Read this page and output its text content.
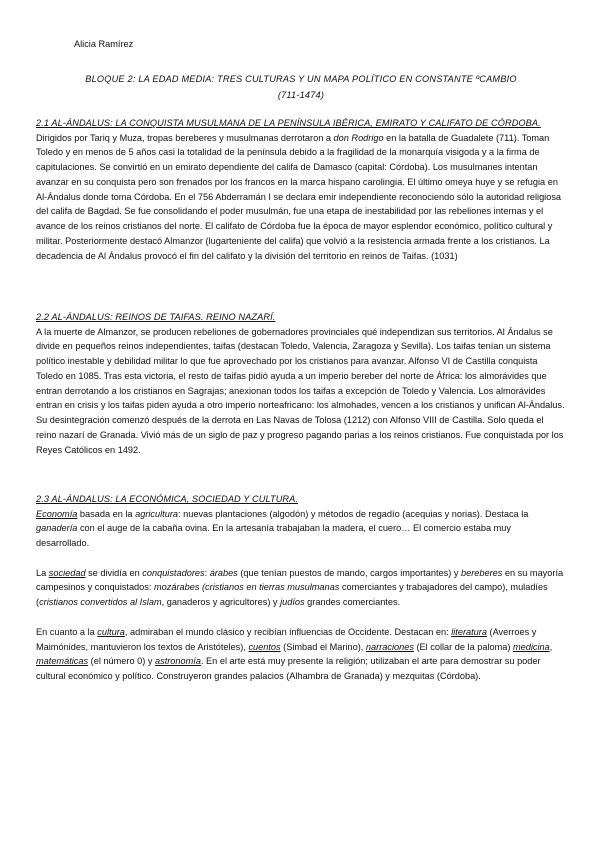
Alicia Ramírez
BLOQUE 2: LA EDAD MEDIA: TRES CULTURAS Y UN MAPA POLÍTICO EN CONSTANTE ºCAMBIO
(711-1474)
2.1 AL-ÁNDALUS: LA CONQUISTA MUSULMANA DE LA PENÍNSULA IBÉRICA, EMIRATO Y CALIFATO DE CÓRDOBA.

Dirigidos por Tariq y Muza, tropas bereberes y musulmanas derrotaron a don Rodrigo en la batalla de Guadalete (711). Toman Toledo y en menos de 5 años casi la totalidad de la península debido a la fragilidad de la monarquía visigoda y a la firma de capitulaciones. Se convirtió en un emirato dependiente del califa de Damasco (capital: Córdoba). Los musulmanes intentan avanzar en su conquista pero son frenados por los francos en la marca hispano carolingia. El último omeya huye y se refugia en Al-Ándalus donde toma Córdoba. En el 756 Abderramán I se declara emir independiente reconociendo sólo la autoridad religiosa del califa de Bagdad. Se fue consolidando el poder musulmán, fue una etapa de inestabilidad por las rebeliones internas y el avance de los reinos cristianos del norte. El califato de Córdoba fue la época de mayor esplendor económico, político cultural y militar. Posteriormente destacó Almanzor (lugarteniente del califa) que volvió a la resistencia armada frente a los cristianos. La decadencia de Al Ándalus provocó el fin del califato y la división del territorio en reinos de Taifas. (1031)

2.2 AL-ÁNDALUS: REINOS DE TAIFAS. REINO NAZARÍ.

A la muerte de Almanzor, se producen rebeliones de gobernadores provinciales qué independizan sus territorios. Al Ándalus se divide en pequeños reinos independientes, taifas (destacan Toledo, Valencia, Zaragoza y Sevilla). Los taifas tenían un sistema político inestable y debilidad militar lo que fue aprovechado por los cristianos para avanzar. Alfonso VI de Castilla conquista Toledo en 1085. Tras esta victoria, el resto de taifas pidió ayuda a un imperio bereber del norte de África: los almorávides que entran derrotando a los cristianos en Sagrajas; anexionan todos los taifas a excepción de Toledo y Valencia. Los almorávides entran en crisis y los taifas piden ayuda a otro imperio norteafricano: los almohades, vencen a los cristianos y unifican Al-Ándalus. Su desintegración comenzó después de la derrota en Las Navas de Tolosa (1212) con Alfonso VIII de Castilla. Solo queda el reino nazarí de Granada. Vivió más de un siglo de paz y progreso pagando parias a los reinos cristianos. Fue conquistada por los Reyes Católicos en 1492.

2.3 AL-ÁNDALUS: LA ECONÓMICA, SOCIEDAD Y CULTURA.

Economía basada en la agricultura: nuevas plantaciones (algodón) y métodos de regadío (acequias y norias). Destaca la ganadería con el auge de la cabaña ovina. En la artesanía trabajaban la madera, el cuero… El comercio estaba muy desarrollado.

La sociedad se dividía en conquistadores: árabes (que tenían puestos de mando, cargos importantes) y bereberes en su mayoría campesinos y conquistados: mozárabes (cristianos en tierras musulmanas comerciantes y trabajadores del campo), muladíes (cristianos convertidos al Islam, ganaderos y agricultores) y judíos grandes comerciantes.

En cuanto a la cultura, admiraban el mundo clásico y recibían influencias de Occidente. Destacan en: literatura (Averroes y Maimónides, mantuvieron los textos de Aristóteles), cuentos (Simbad el Marino), narraciones (El collar de la paloma) medicina, matemáticas (el número 0) y astronomía. En el arte está muy presente la religión; utilizaban el arte para demostrar su poder cultural económico y político. Construyeron grandes palacios (Alhambra de Granada) y mezquitas (Córdoba).
